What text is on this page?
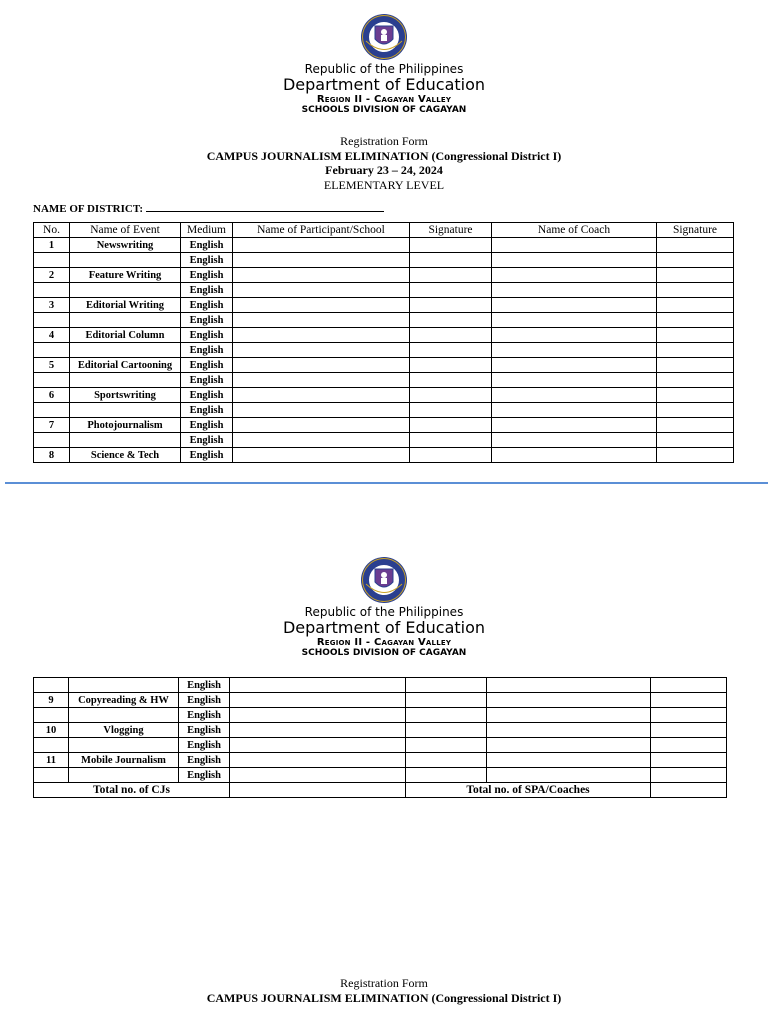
Republic of the Philippines
Department of Education
Region II - Cagayan Valley
SCHOOLS DIVISION OF CAGAYAN
Registration Form
CAMPUS JOURNALISM ELIMINATION (Congressional District I)
February 23 – 24, 2024
ELEMENTARY LEVEL
NAME OF DISTRICT:
No.	Name of Event	Medium	Name of Participant/School	Signature	Name of Coach	Signature
1	Newswriting	English				
		English				
2	Feature Writing	English				
		English				
3	Editorial Writing	English				
		English				
4	Editorial Column	English				
		English				
5	Editorial Cartooning	English				
		English				
6	Sportswriting	English				
		English				
7	Photojournalism	English				
		English				
8	Science & Tech	English				
Republic of the Philippines
Department of Education
Region II - Cagayan Valley
SCHOOLS DIVISION OF CAGAYAN
		English				
9	Copyreading & HW	English				
		English				
10	Vlogging	English				
		English				
11	Mobile Journalism	English				
		English				
Total no. of CJs				Total no. of SPA/Coaches		
Registration Form
CAMPUS JOURNALISM ELIMINATION (Congressional District I)
